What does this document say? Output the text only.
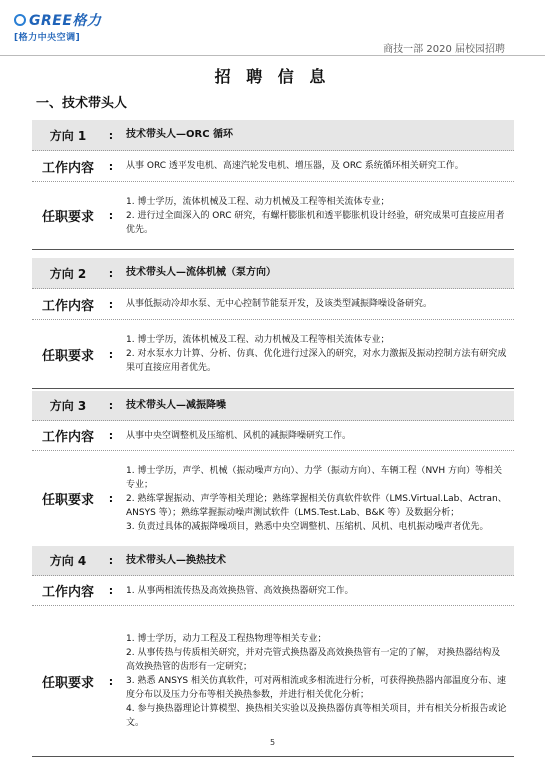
GREE格力
[格力中央空调]
商技一部 2020 届校园招聘
招 聘 信 息
一、技术带头人
方向 1	:	技术带头人—ORC 循环
工作内容	:	从事 ORC 透平发电机、高速汽轮发电机、增压器，及 ORC 系统循环相关研究工作。
任职要求	:

1. 博士学历，流体机械及工程、动力机械及工程等相关流体专业；

2. 进行过全面深入的 ORC 研究，有螺杆膨胀机和透平膨胀机设计经验，研究成果可直接应用者优先。

方向 2	:	技术带头人—流体机械（泵方向）
工作内容	:	从事低振动冷却水泵、无中心控制节能泵开发，及该类型减振降噪设备研究。
任职要求	:

1. 博士学历，流体机械及工程、动力机械及工程等相关流体专业；

2. 对水泵水力计算、分析、仿真、优化进行过深入的研究，对水力激振及振动控制方法有研究成果可直接应用者优先。

方向 3	:	技术带头人—减振降噪
工作内容	:	从事中央空调整机及压缩机、风机的减振降噪研究工作。
任职要求	:

1. 博士学历，声学、机械（振动噪声方向）、力学（振动方向）、车辆工程（NVH 方向）等相关专业；

2. 熟练掌握振动、声学等相关理论；熟练掌握相关仿真软件软件（LMS.Virtual.Lab、Actran、ANSYS 等）；熟练掌握振动噪声测试软件（LMS.Test.Lab、B&K 等）及数据分析；

3. 负责过具体的减振降噪项目，熟悉中央空调整机、压缩机、风机、电机振动噪声者优先。

方向 4	:	技术带头人—换热技术
工作内容	:	1. 从事两相流传热及高效换热管、高效换热器研究工作。
任职要求	:

1. 博士学历，动力工程及工程热物理等相关专业；

2. 从事传热与传质相关研究，并对壳管式换热器及高效换热管有一定的了解， 对换热器结构及高效换热管的齿形有一定研究；

3. 熟悉 ANSYS 相关仿真软件，可对两相流或多相流进行分析，可获得换热器内部温度分布、速度分布以及压力分布等相关换热参数，并进行相关优化分析；

4. 参与换热器理论计算模型、换热相关实验以及换热器仿真等相关项目，并有相关分析报告或论文。

5
